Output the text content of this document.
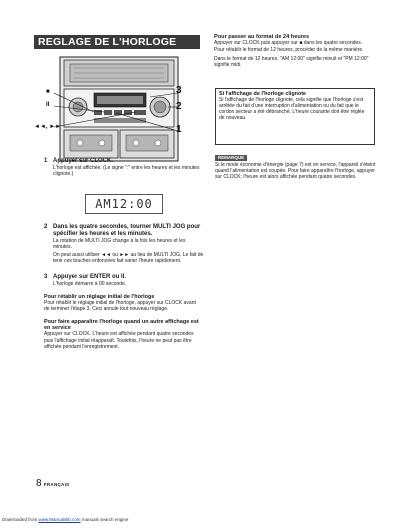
REGLAGE DE L'HORLOGE
3
2
1
■
II
◄◄, ►►
1 Appuyer sur CLOCK.

L'horloge est affichée. (Le signe ":" entre les heures et les minutes clignote.)

AM12:00
2 Dans les quatre secondes, tourner MULTI JOG pour spécifier les heures et les minutes.

La rotation de MULTI JOG change à la fois les heures et les minutes.

On peut aussi utiliser ◄◄ ou ►► au lieu de MULTI JOG. Le fait de tenir ces touches enfoncées fait varier l'heure rapidement.

3 Appuyer sur ENTER ou II.

L'horloge démarre à 00 seconde.

Pour rétablir un réglage initial de l'horloge

Pour rétablir le réglage initial de l'horloge, appuyer sur CLOCK avant de terminer l'étape 3. Ceci annule tout nouveau réglage.

Pour faire apparaître l'horloge quand un autre affichage est en service

Appuyer sur CLOCK. L'heure est affichée pendant quatre secondes puis l'affichage initial réapparaît. Toutefois, l'heure ne peut pas être affichée pendant l'enregistrement.

Pour passer au format de 24 heures

Appuyer sur CLOCK puis appuyer sur ■ dans les quatre secondes.

Pour rétablir le format de 12 heures, procéder de la même manière.

Dans le format de 12 heures, "AM 12:00" signifie minuit et "PM 12:00" signifie midi.

Si l'affichage de l'horloge clignote

Si l'affichage de l'horloge clignote, cela signifie que l'horloge s'est arrêtée du fait d'une interruption d'alimentation ou du fait que le cordon secteur a été débranché. L'heure courante doit être réglée de nouveau.

REMARQUE
Si le mode économie d'énergie (page 7) est en service, l'appareil s'éteint quand l'alimentation est coupée. Pour faire apparaître l'horloge, appuyer sur CLOCK; l'heure est alors affichée pendant quatre secondes.
8 FRANÇAIS
Downloaded from www.Manualslib.com manuals search engine
